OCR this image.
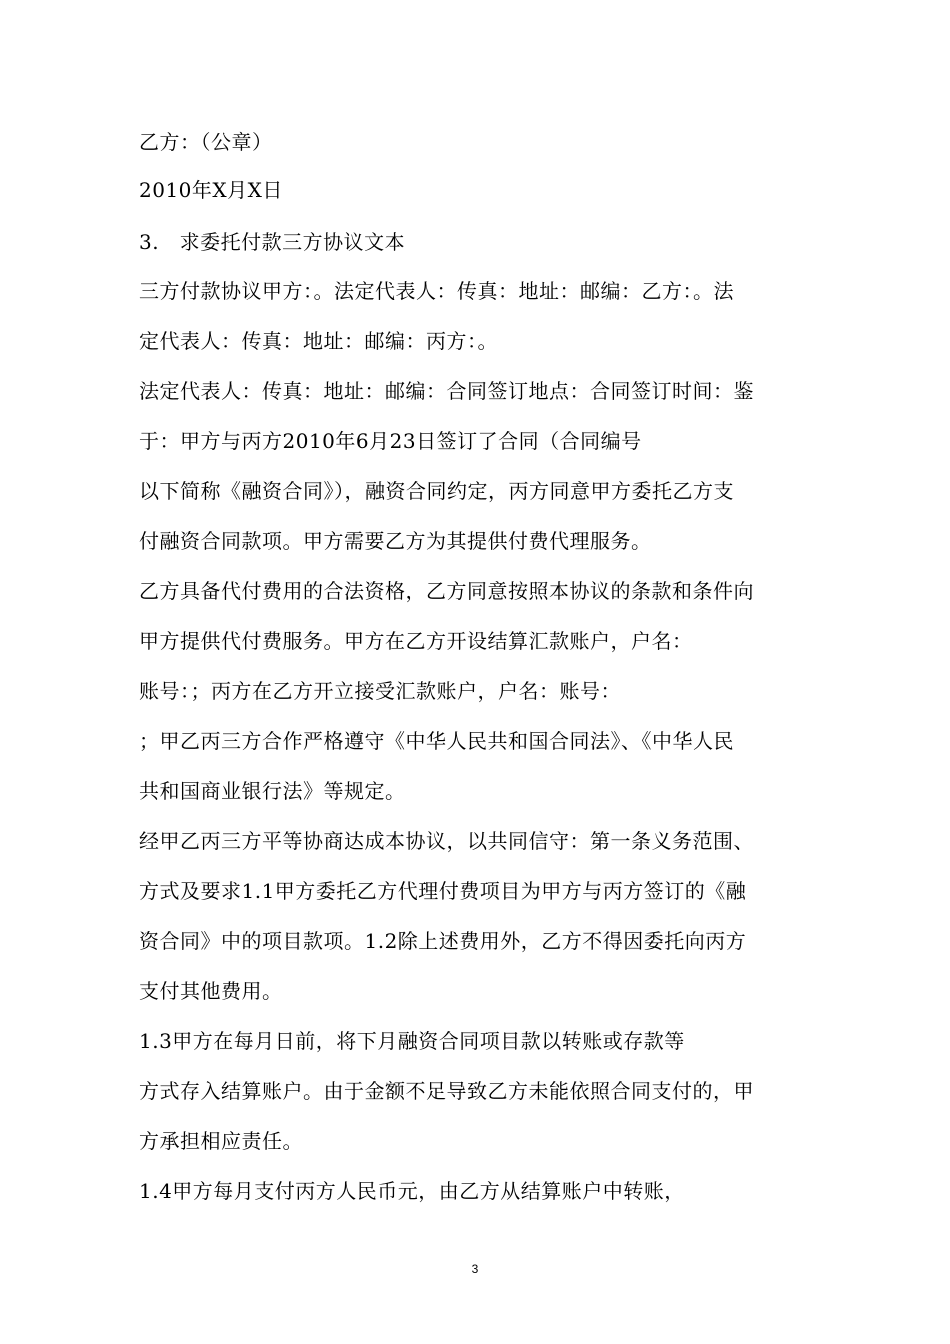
乙方：（公章）
2010年X月X日
3.　求委托付款三方协议文本
三方付款协议甲方：。法定代表人：传真：地址：邮编：乙方：。法
定代表人：传真：地址：邮编：丙方：。
法定代表人：传真：地址：邮编：合同签订地点：合同签订时间：鉴
于：甲方与丙方2010年6月23日签订了合同（合同编号
以下简称《融资合同》），融资合同约定，丙方同意甲方委托乙方支
付融资合同款项。甲方需要乙方为其提供付费代理服务。
乙方具备代付费用的合法资格，乙方同意按照本协议的条款和条件向
甲方提供代付费服务。甲方在乙方开设结算汇款账户，户名：
账号：；丙方在乙方开立接受汇款账户，户名：账号：
；甲乙丙三方合作严格遵守《中华人民共和国合同法》、《中华人民
共和国商业银行法》等规定。
经甲乙丙三方平等协商达成本协议，以共同信守：第一条义务范围、
方式及要求1.1甲方委托乙方代理付费项目为甲方与丙方签订的《融
资合同》中的项目款项。1.2除上述费用外，乙方不得因委托向丙方
支付其他费用。
1.3甲方在每月日前，将下月融资合同项目款以转账或存款等
方式存入结算账户。由于金额不足导致乙方未能依照合同支付的，甲
方承担相应责任。
1.4甲方每月支付丙方人民币元，由乙方从结算账户中转账，
3
